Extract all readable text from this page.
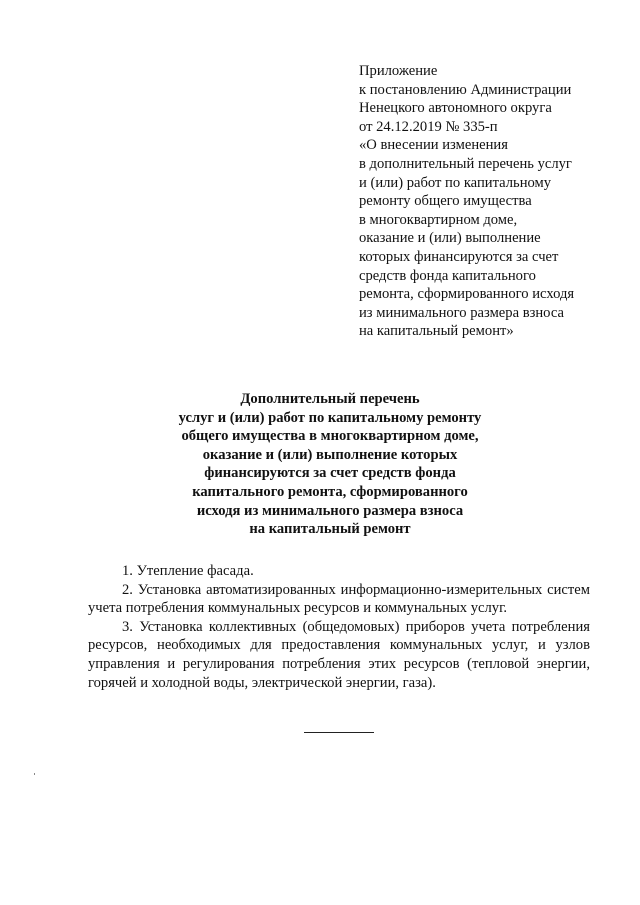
Приложение
к постановлению Администрации
Ненецкого автономного округа
от 24.12.2019 № 335-п
«О внесении изменения
в дополнительный перечень услуг
и (или) работ по капитальному
ремонту общего имущества
в многоквартирном доме,
оказание и (или) выполнение
которых финансируются за счет
средств фонда капитального
ремонта, сформированного исходя
из минимального размера взноса
на капитальный ремонт»
Дополнительный перечень
услуг и (или) работ по капитальному ремонту
общего имущества в многоквартирном доме,
оказание и (или) выполнение которых
финансируются за счет средств фонда
капитального ремонта, сформированного
исходя из минимального размера взноса
на капитальный ремонт

1. Утепление фасада.

2. Установка автоматизированных информационно-измерительных систем учета потребления коммунальных ресурсов и коммунальных услуг.

3. Установка коллективных (общедомовых) приборов учета потребления ресурсов, необходимых для предоставления коммунальных услуг, и узлов управления и регулирования потребления этих ресурсов (тепловой энергии, горячей и холодной воды, электрической энергии, газа).
